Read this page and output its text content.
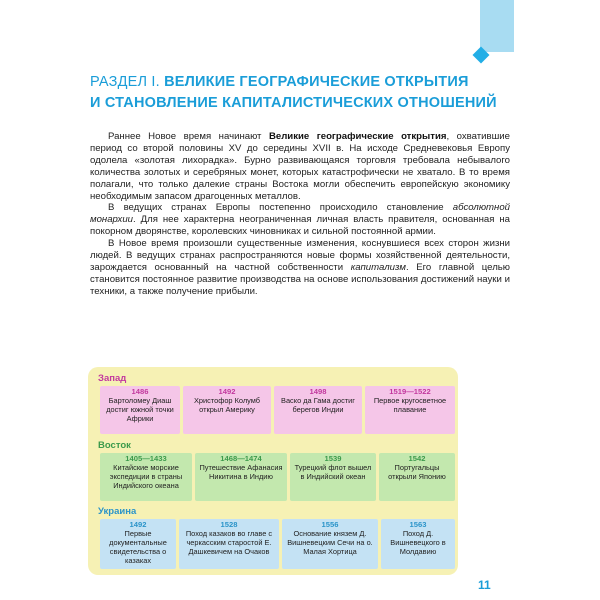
РАЗДЕЛ I. ВЕЛИКИЕ ГЕОГРАФИЧЕСКИЕ ОТКРЫТИЯ
И СТАНОВЛЕНИЕ КАПИТАЛИСТИЧЕСКИХ ОТНОШЕНИЙ

Раннее Новое время начинают Великие географические открытия, охватившие период со второй половины XV до середины XVII в. На исходе Средневековья Европу одолела «золотая лихорадка». Бурно развивающаяся торговля требовала небывалого количества золотых и серебряных монет, которых катастрофически не хватало. В то время полагали, что только далекие страны Востока могли обеспечить европейскую экономику необходимым запасом драгоценных металлов.

В ведущих странах Европы постепенно происходило становление абсолютной монархии. Для нее характерна неограниченная личная власть правителя, основанная на покорном дворянстве, королевских чиновниках и сильной постоянной армии.

В Новое время произошли существенные изменения, коснувшиеся всех сторон жизни людей. В ведущих странах распространяются новые формы хозяйственной деятельности, зарождается основанный на частной собственности капитализм. Его главной целью становится постоянное развитие производства на основе использования достижений науки и техники, а также получение прибыли.

Запад
1486
Бартоломеу Диаш достиг южной точки Африки
1492
Христофор Колумб открыл Америку
1498
Васко да Гама достиг берегов Индии
1519—1522
Первое кругосветное плавание
Восток
1405—1433
Китайские морские экспедиции в страны Индийского океана
1468—1474
Путешествие Афанасия Никитина в Индию
1539
Турецкий флот вышел в Индийский океан
1542
Португальцы открыли Японию
Украина
1492
Первые документальные свидетельства о казаках
1528
Поход казаков во главе с черкасским старостой Е. Дашкевичем на Очаков
1556
Основание князем Д. Вишневецким Сечи на о. Малая Хортица
1563
Поход Д. Вишневецкого в Молдавию
11
